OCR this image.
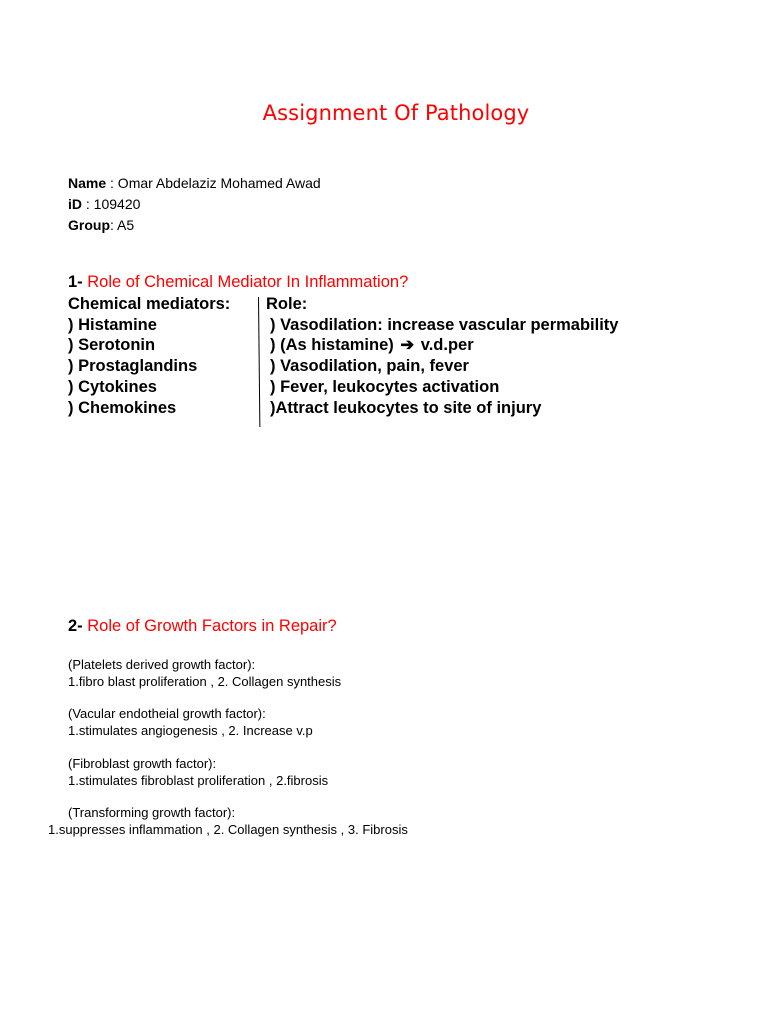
Assignment Of Pathology
Name : Omar Abdelaziz Mohamed Awad
iD : 109420
Group: A5
1- Role of Chemical Mediator In Inflammation?
Chemical mediators:
) Histamine
) Serotonin
) Prostaglandins
) Cytokines
) Chemokines
Role:
) Vasodilation: increase vascular permability
) (As histamine) ➔ v.d.per
) Vasodilation, pain, fever
) Fever, leukocytes activation
)Attract leukocytes to site of injury
2- Role of Growth Factors in Repair?
(Platelets derived growth factor):
1.fibro blast proliferation , 2. Collagen synthesis
(Vacular endotheial growth factor):
1.stimulates angiogenesis , 2. Increase v.p
(Fibroblast growth factor):
1.stimulates fibroblast proliferation , 2.fibrosis
(Transforming growth factor):
1.suppresses inflammation , 2. Collagen synthesis , 3. Fibrosis
